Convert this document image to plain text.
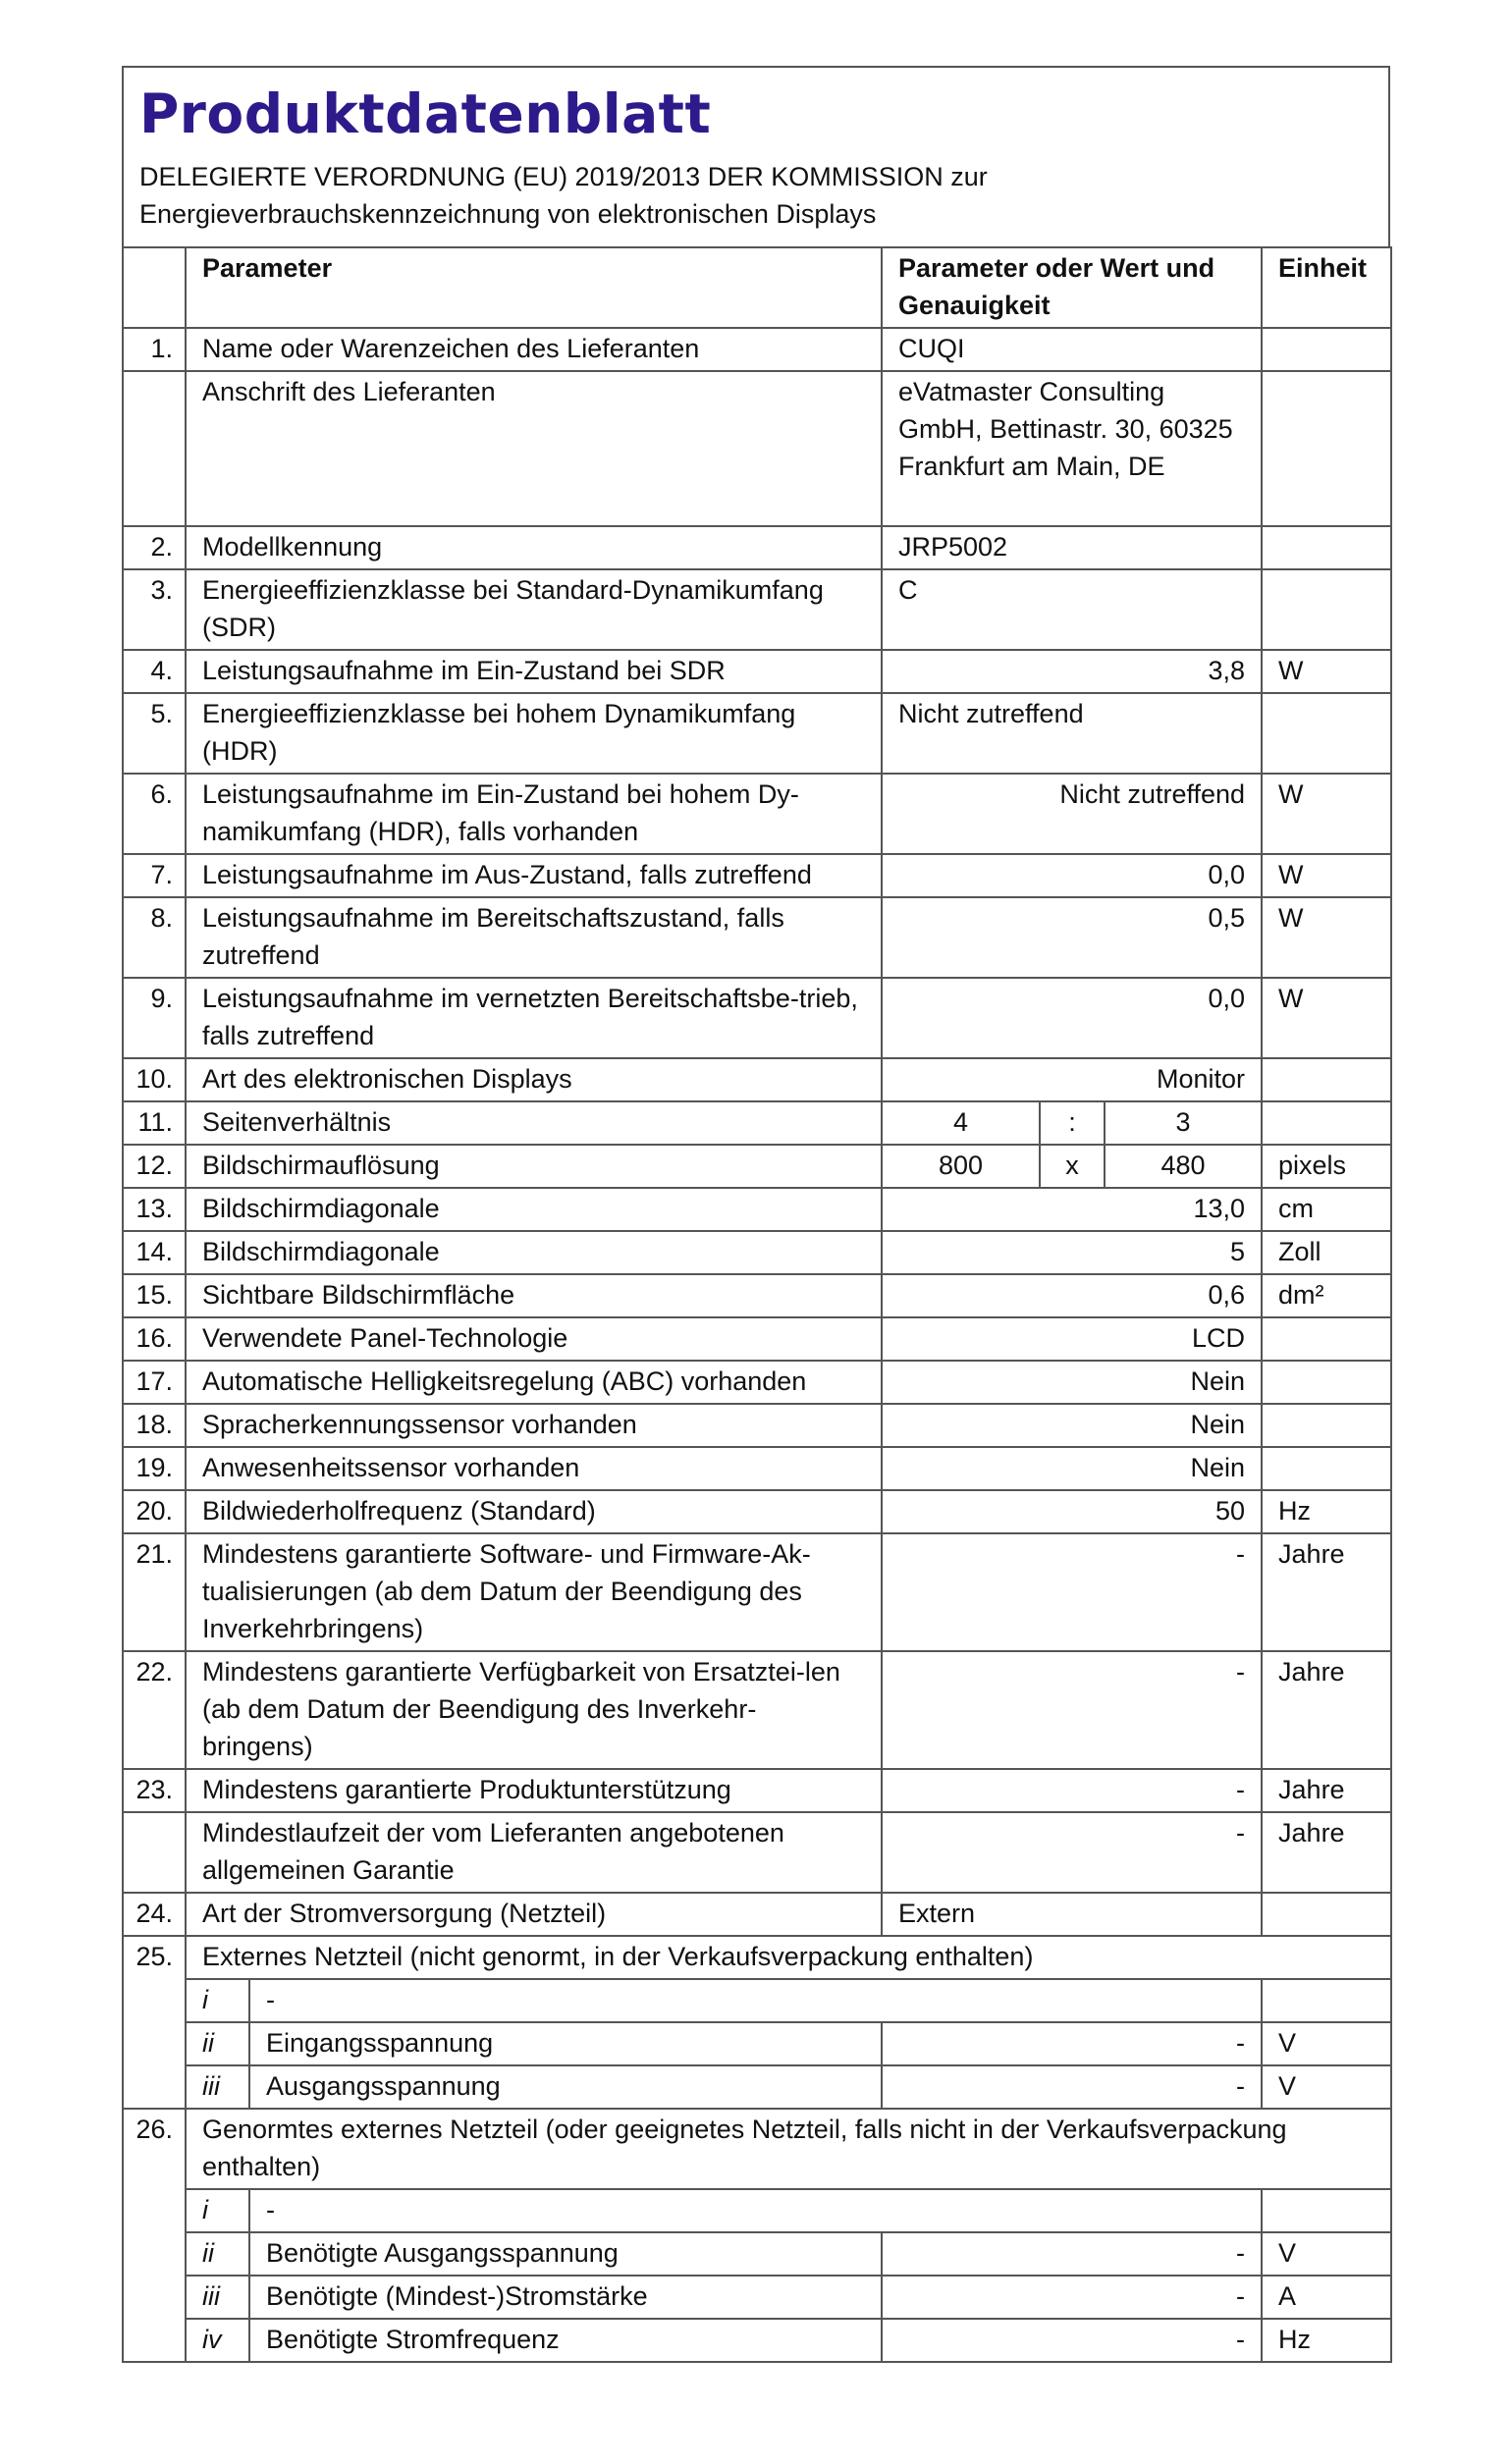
Produktdatenblatt
DELEGIERTE VERORDNUNG (EU) 2019/2013 DER KOMMISSION zur
Energieverbrauchskennzeichnung von elektronischen Displays
	Parameter		Parameter oder Wert und Genauigkeit			Einheit
1.	Name oder Warenzeichen des Lieferanten		CUQI			
	Anschrift des Lieferanten		eVatmaster Consulting GmbH, Bettinastr. 30, 60325 Frankfurt am Main, DE			
2.	Modellkennung		JRP5002			
3.	Energieeffizienzklasse bei Standard-Dynamikumfang (SDR)		C			
4.	Leistungsaufnahme im Ein-Zustand bei SDR		3,8			W
5.	Energieeffizienzklasse bei hohem Dynamikumfang (HDR)		Nicht zutreffend			
6.	Leistungsaufnahme im Ein-Zustand bei hohem Dy-namikumfang (HDR), falls vorhanden		Nicht zutreffend			W
7.	Leistungsaufnahme im Aus-Zustand, falls zutreffend		0,0			W
8.	Leistungsaufnahme im Bereitschaftszustand, falls zutreffend		0,5			W
9.	Leistungsaufnahme im vernetzten Bereitschaftsbe-trieb, falls zutreffend		0,0			W
10.	Art des elektronischen Displays		Monitor			
11.	Seitenverhältnis		4	:	3	
12.	Bildschirmauflösung		800	x	480	pixels
13.	Bildschirmdiagonale		13,0			cm
14.	Bildschirmdiagonale		5			Zoll
15.	Sichtbare Bildschirmfläche		0,6			dm²
16.	Verwendete Panel-Technologie		LCD			
17.	Automatische Helligkeitsregelung (ABC) vorhanden		Nein			
18.	Spracherkennungssensor vorhanden		Nein			
19.	Anwesenheitssensor vorhanden		Nein			
20.	Bildwiederholfrequenz (Standard)		50			Hz
21.	Mindestens garantierte Software- und Firmware-Ak-tualisierungen (ab dem Datum der Beendigung des Inverkehrbringens)		-			Jahre
22.	Mindestens garantierte Verfügbarkeit von Ersatztei-len (ab dem Datum der Beendigung des Inverkehr-bringens)		-			Jahre
23.	Mindestens garantierte Produktunterstützung		-			Jahre
	Mindestlaufzeit der vom Lieferanten angebotenen allgemeinen Garantie		-			Jahre
24.	Art der Stromversorgung (Netzteil)		Extern			
25.	Externes Netzteil (nicht genormt, in der Verkaufsverpackung enthalten)					
	i	-				
	ii	Eingangsspannung	-			V
	iii	Ausgangsspannung	-			V
26.	Genormtes externes Netzteil (oder geeignetes Netzteil, falls nicht in der Verkaufsverpackung enthalten)					
	i	-				
	ii	Benötigte Ausgangsspannung	-			V
	iii	Benötigte (Mindest-)Stromstärke	-			A
	iv	Benötigte Stromfrequenz	-			Hz
